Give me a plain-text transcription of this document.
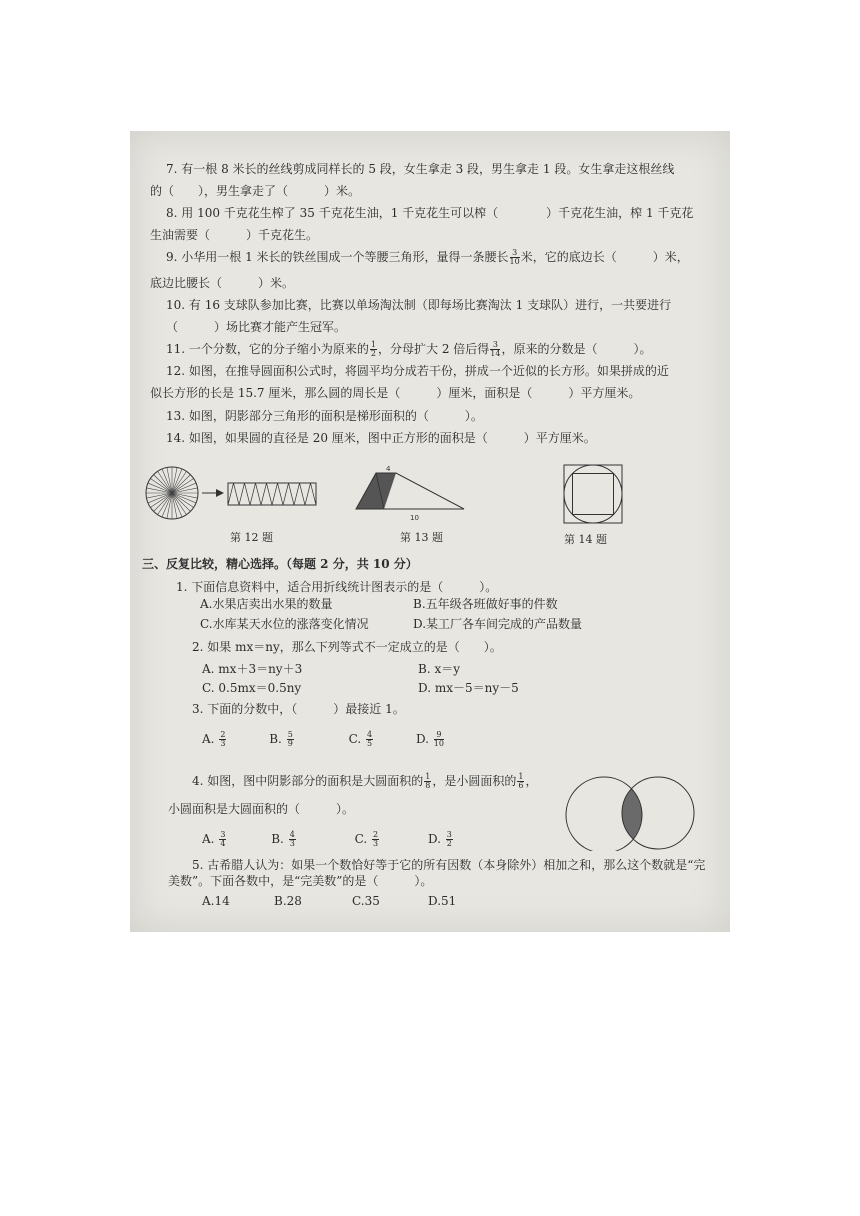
7. 有一根 8 米长的丝线剪成同样长的 5 段，女生拿走 3 段，男生拿走 1 段。女生拿走这根丝线
的（　　），男生拿走了（　　　）米。
8. 用 100 千克花生榨了 35 千克花生油，1 千克花生可以榨（　　　　）千克花生油，榨 1 千克花
生油需要（　　　）千克花生。
9. 小华用一根 1 米长的铁丝围成一个等腰三角形，量得一条腰长 $\frac{3}{10}$ 米，它的底边长（　　　）米，
底边比腰长（　　　）米。
10. 有 16 支球队参加比赛，比赛以单场淘汰制（即每场比赛淘汰 1 支球队）进行，一共要进行
（　　　）场比赛才能产生冠军。
11. 一个分数，它的分子缩小为原来的 $\frac{1}{2}$ ，分母扩大 2 倍后得 $\frac{3}{14}$ ，原来的分数是（　　　）。
12. 如图，在推导圆面积公式时，将圆平均分成若干份，拼成一个近似的长方形。如果拼成的近
似长方形的长是 15.7 厘米，那么圆的周长是（　　　）厘米，面积是（　　　）平方厘米。
13. 如图，阴影部分三角形的面积是梯形面积的（　　　）。
14. 如图，如果圆的直径是 20 厘米，图中正方形的面积是（　　　）平方厘米。
4
10
第 12 题	第 13 题	第 14 题
三、反复比较，精心选择。（每题 2 分，共 10 分）
1. 下面信息资料中，适合用折线统计图表示的是（　　　）。
A.水果店卖出水果的数量	B.五年级各班做好事的件数
C.水库某天水位的涨落变化情况	D.某工厂各车间完成的产品数量
2. 如果 mx＝ny，那么下列等式不一定成立的是（　　）。
A. mx＋3＝ny＋3	B. x＝y
C. 0.5mx＝0.5ny	D. mx－5＝ny－5
3. 下面的分数中，（　　　）最接近 1。
A. $\frac{2}{3}$	B. $\frac{5}{9}$	C. $\frac{4}{5}$	D. $\frac{9}{10}$
4. 如图，图中阴影部分的面积是大圆面积的 $\frac{1}{8}$ ，是小圆面积的 $\frac{1}{6}$ ，
小圆面积是大圆面积的（　　　）。
A. $\frac{3}{4}$	B. $\frac{4}{3}$	C. $\frac{2}{3}$	D. $\frac{3}{2}$
5. 古希腊人认为：如果一个数恰好等于它的所有因数（本身除外）相加之和，那么这个数就是“完
美数”。下面各数中，是“完美数”的是（　　　）。
A.14	B.28	C.35	D.51
